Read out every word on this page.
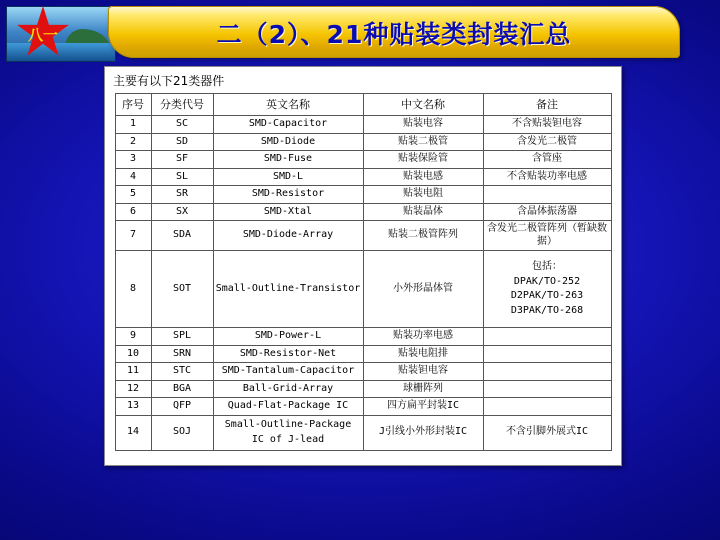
八一	二（2）、21种贴装类封装汇总
主要有以下21类器件
序号	分类代号	英文名称	中文名称	备注
1	SC	SMD-Capacitor	贴装电容	不含贴装钽电容
2	SD	SMD-Diode	贴装二极管	含发光二极管
3	SF	SMD-Fuse	贴装保险管	含管座
4	SL	SMD-L	贴装电感	不含贴装功率电感
5	SR	SMD-Resistor	贴装电阻	
6	SX	SMD-Xtal	贴装晶体	含晶体振荡器
7	SDA	SMD-Diode-Array	贴装二极管阵列	含发光二极管阵列（暂缺数据）
8	SOT	Small-Outline-Transistor	小外形晶体管	包括：
DPAK/TO-252
D2PAK/TO-263
D3PAK/TO-268

9	SPL	SMD-Power-L	贴装功率电感	
10	SRN	SMD-Resistor-Net	贴装电阻排	
11	STC	SMD-Tantalum-Capacitor	贴装钽电容	
12	BGA	Ball-Grid-Array	球栅阵列	
13	QFP	Quad-Flat-Package IC	四方扁平封装IC	
14	SOJ	Small-Outline-Package
IC of J-lead	J引线小外形封装IC	不含引脚外展式IC
